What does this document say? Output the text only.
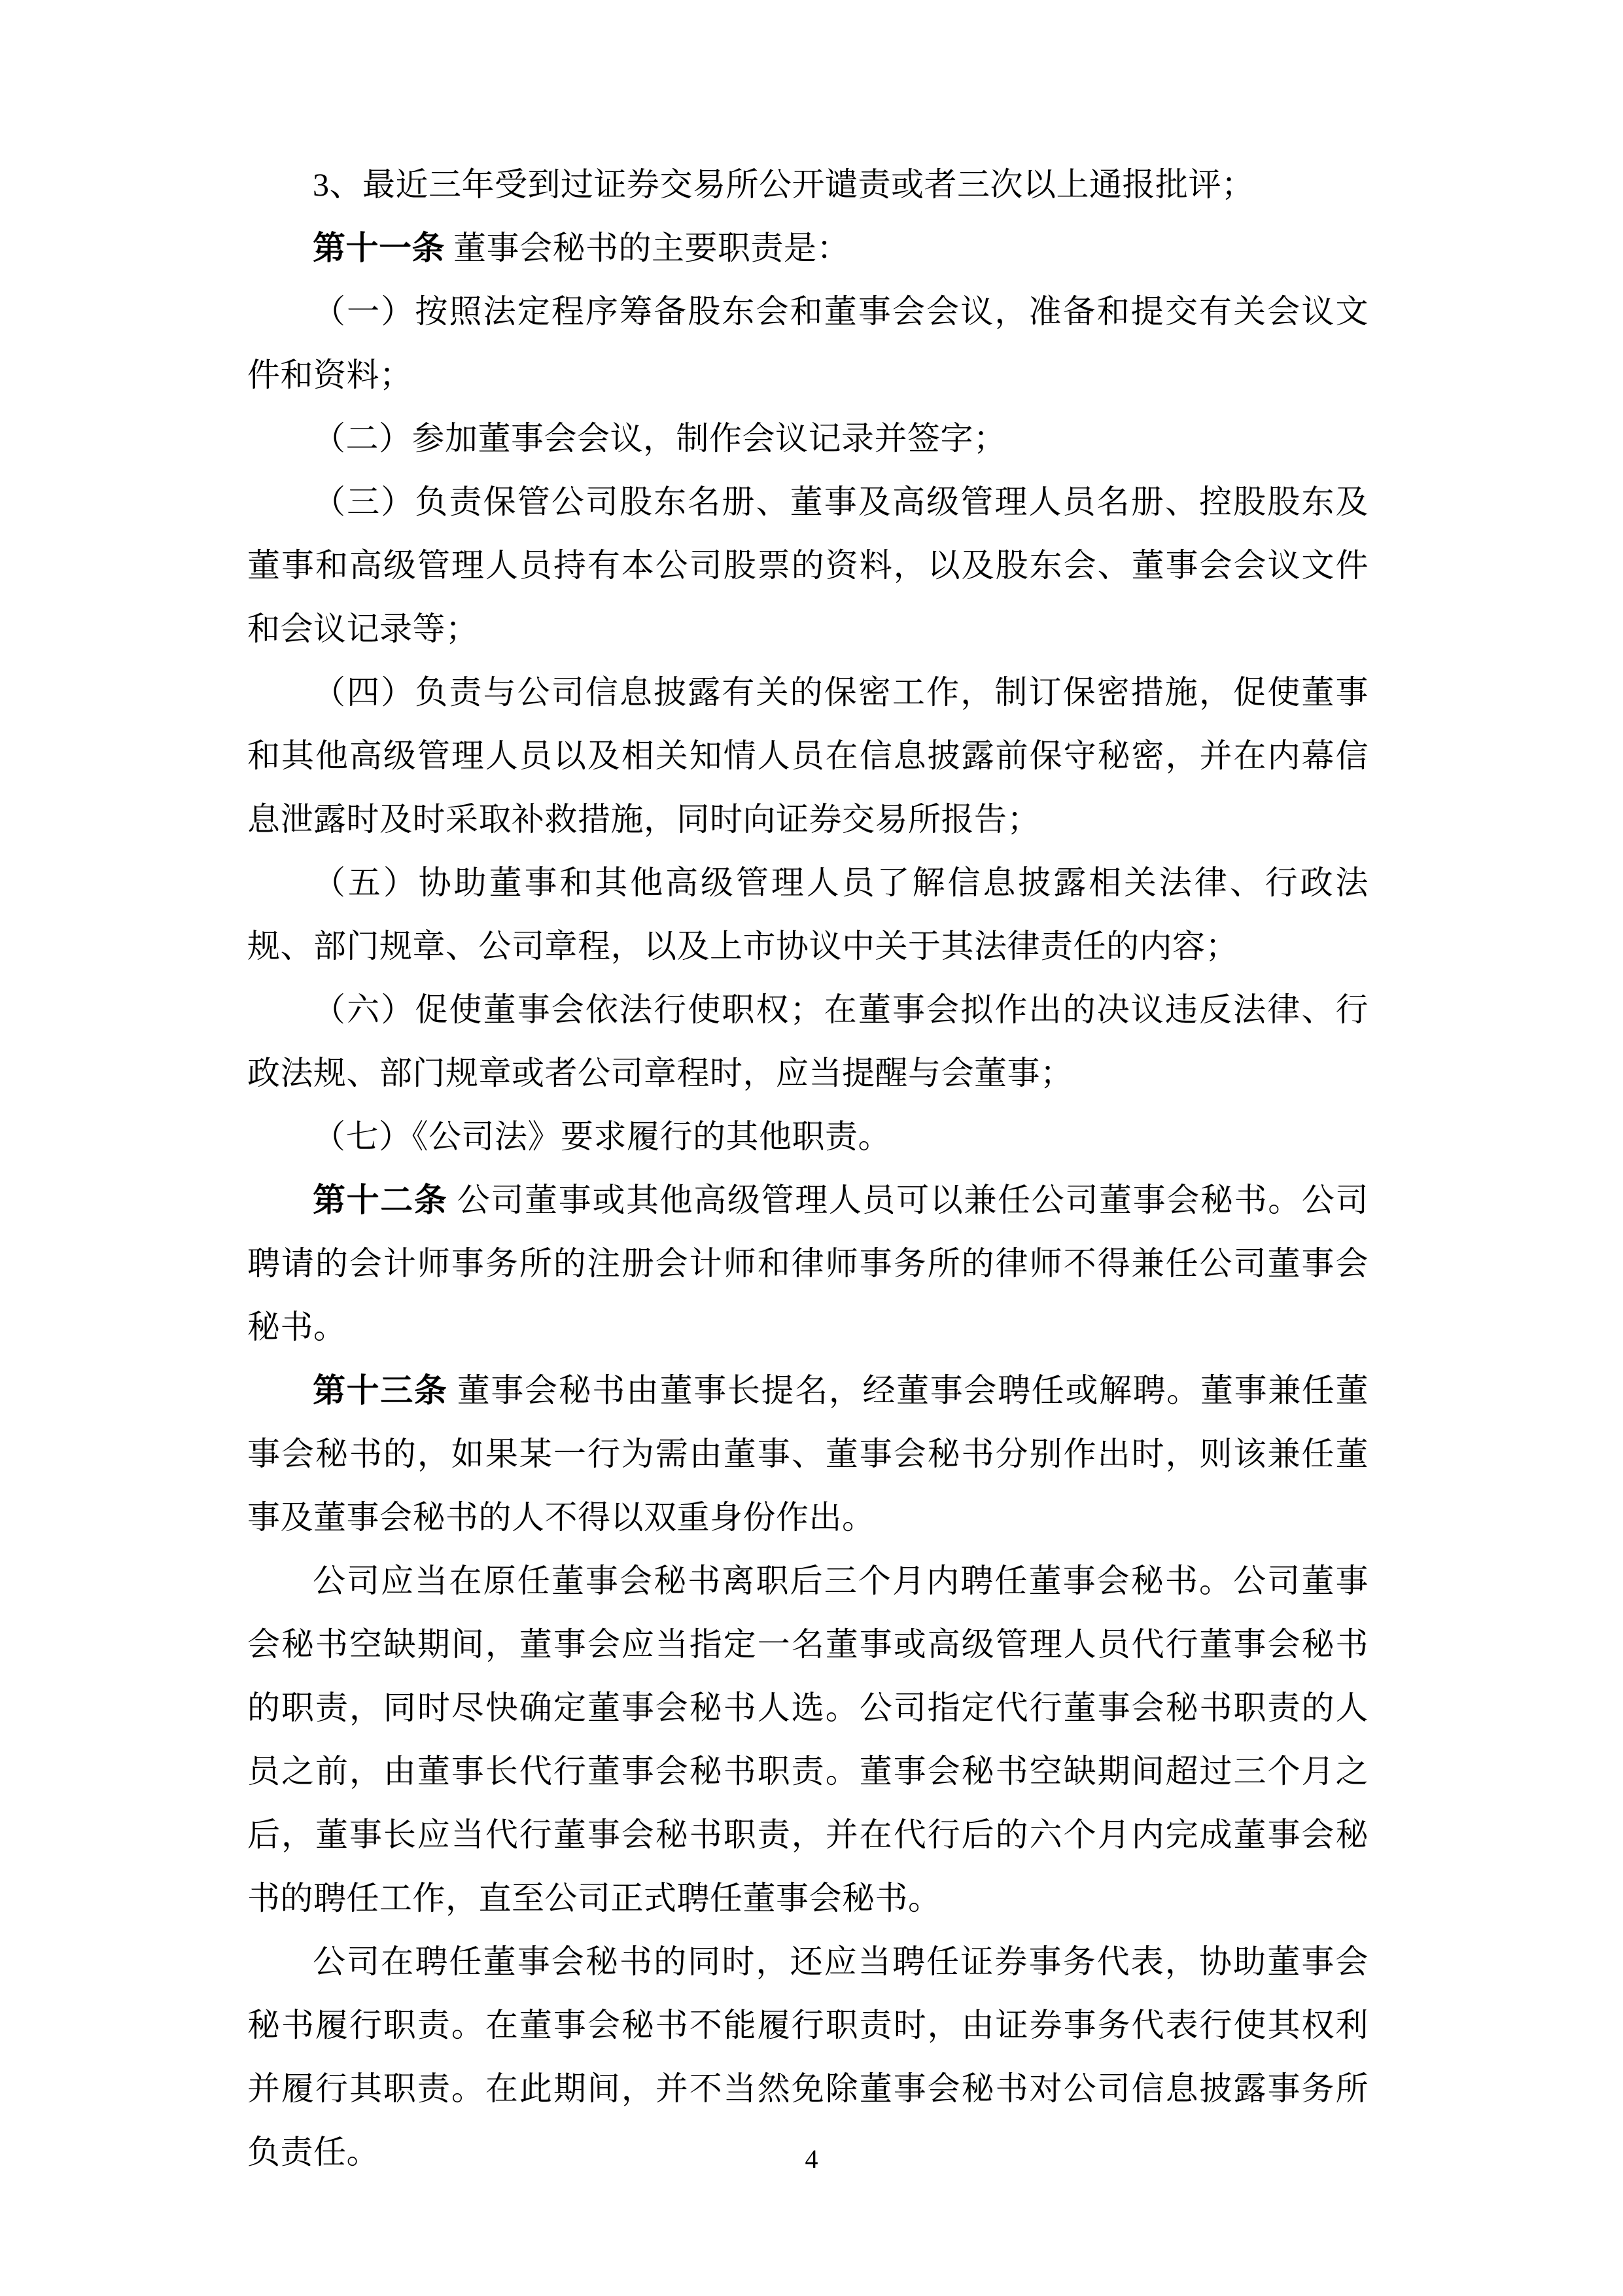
3、最近三年受到过证券交易所公开谴责或者三次以上通报批评；

第十一条 董事会秘书的主要职责是：

（一）按照法定程序筹备股东会和董事会会议，准备和提交有关会议文件和资料；

（二）参加董事会会议，制作会议记录并签字；

（三）负责保管公司股东名册、董事及高级管理人员名册、控股股东及董事和高级管理人员持有本公司股票的资料，以及股东会、董事会会议文件和会议记录等；

（四）负责与公司信息披露有关的保密工作，制订保密措施，促使董事和其他高级管理人员以及相关知情人员在信息披露前保守秘密，并在内幕信息泄露时及时采取补救措施，同时向证券交易所报告；

（五）协助董事和其他高级管理人员了解信息披露相关法律、行政法规、部门规章、公司章程，以及上市协议中关于其法律责任的内容；

（六）促使董事会依法行使职权；在董事会拟作出的决议违反法律、行政法规、部门规章或者公司章程时，应当提醒与会董事；

（七）《公司法》要求履行的其他职责。

第十二条 公司董事或其他高级管理人员可以兼任公司董事会秘书。公司聘请的会计师事务所的注册会计师和律师事务所的律师不得兼任公司董事会秘书。

第十三条 董事会秘书由董事长提名，经董事会聘任或解聘。董事兼任董事会秘书的，如果某一行为需由董事、董事会秘书分别作出时，则该兼任董事及董事会秘书的人不得以双重身份作出。

公司应当在原任董事会秘书离职后三个月内聘任董事会秘书。公司董事会秘书空缺期间，董事会应当指定一名董事或高级管理人员代行董事会秘书的职责，同时尽快确定董事会秘书人选。公司指定代行董事会秘书职责的人员之前，由董事长代行董事会秘书职责。董事会秘书空缺期间超过三个月之后，董事长应当代行董事会秘书职责，并在代行后的六个月内完成董事会秘书的聘任工作，直至公司正式聘任董事会秘书。

公司在聘任董事会秘书的同时，还应当聘任证券事务代表，协助董事会秘书履行职责。在董事会秘书不能履行职责时，由证券事务代表行使其权利并履行其职责。在此期间，并不当然免除董事会秘书对公司信息披露事务所负责任。	4
